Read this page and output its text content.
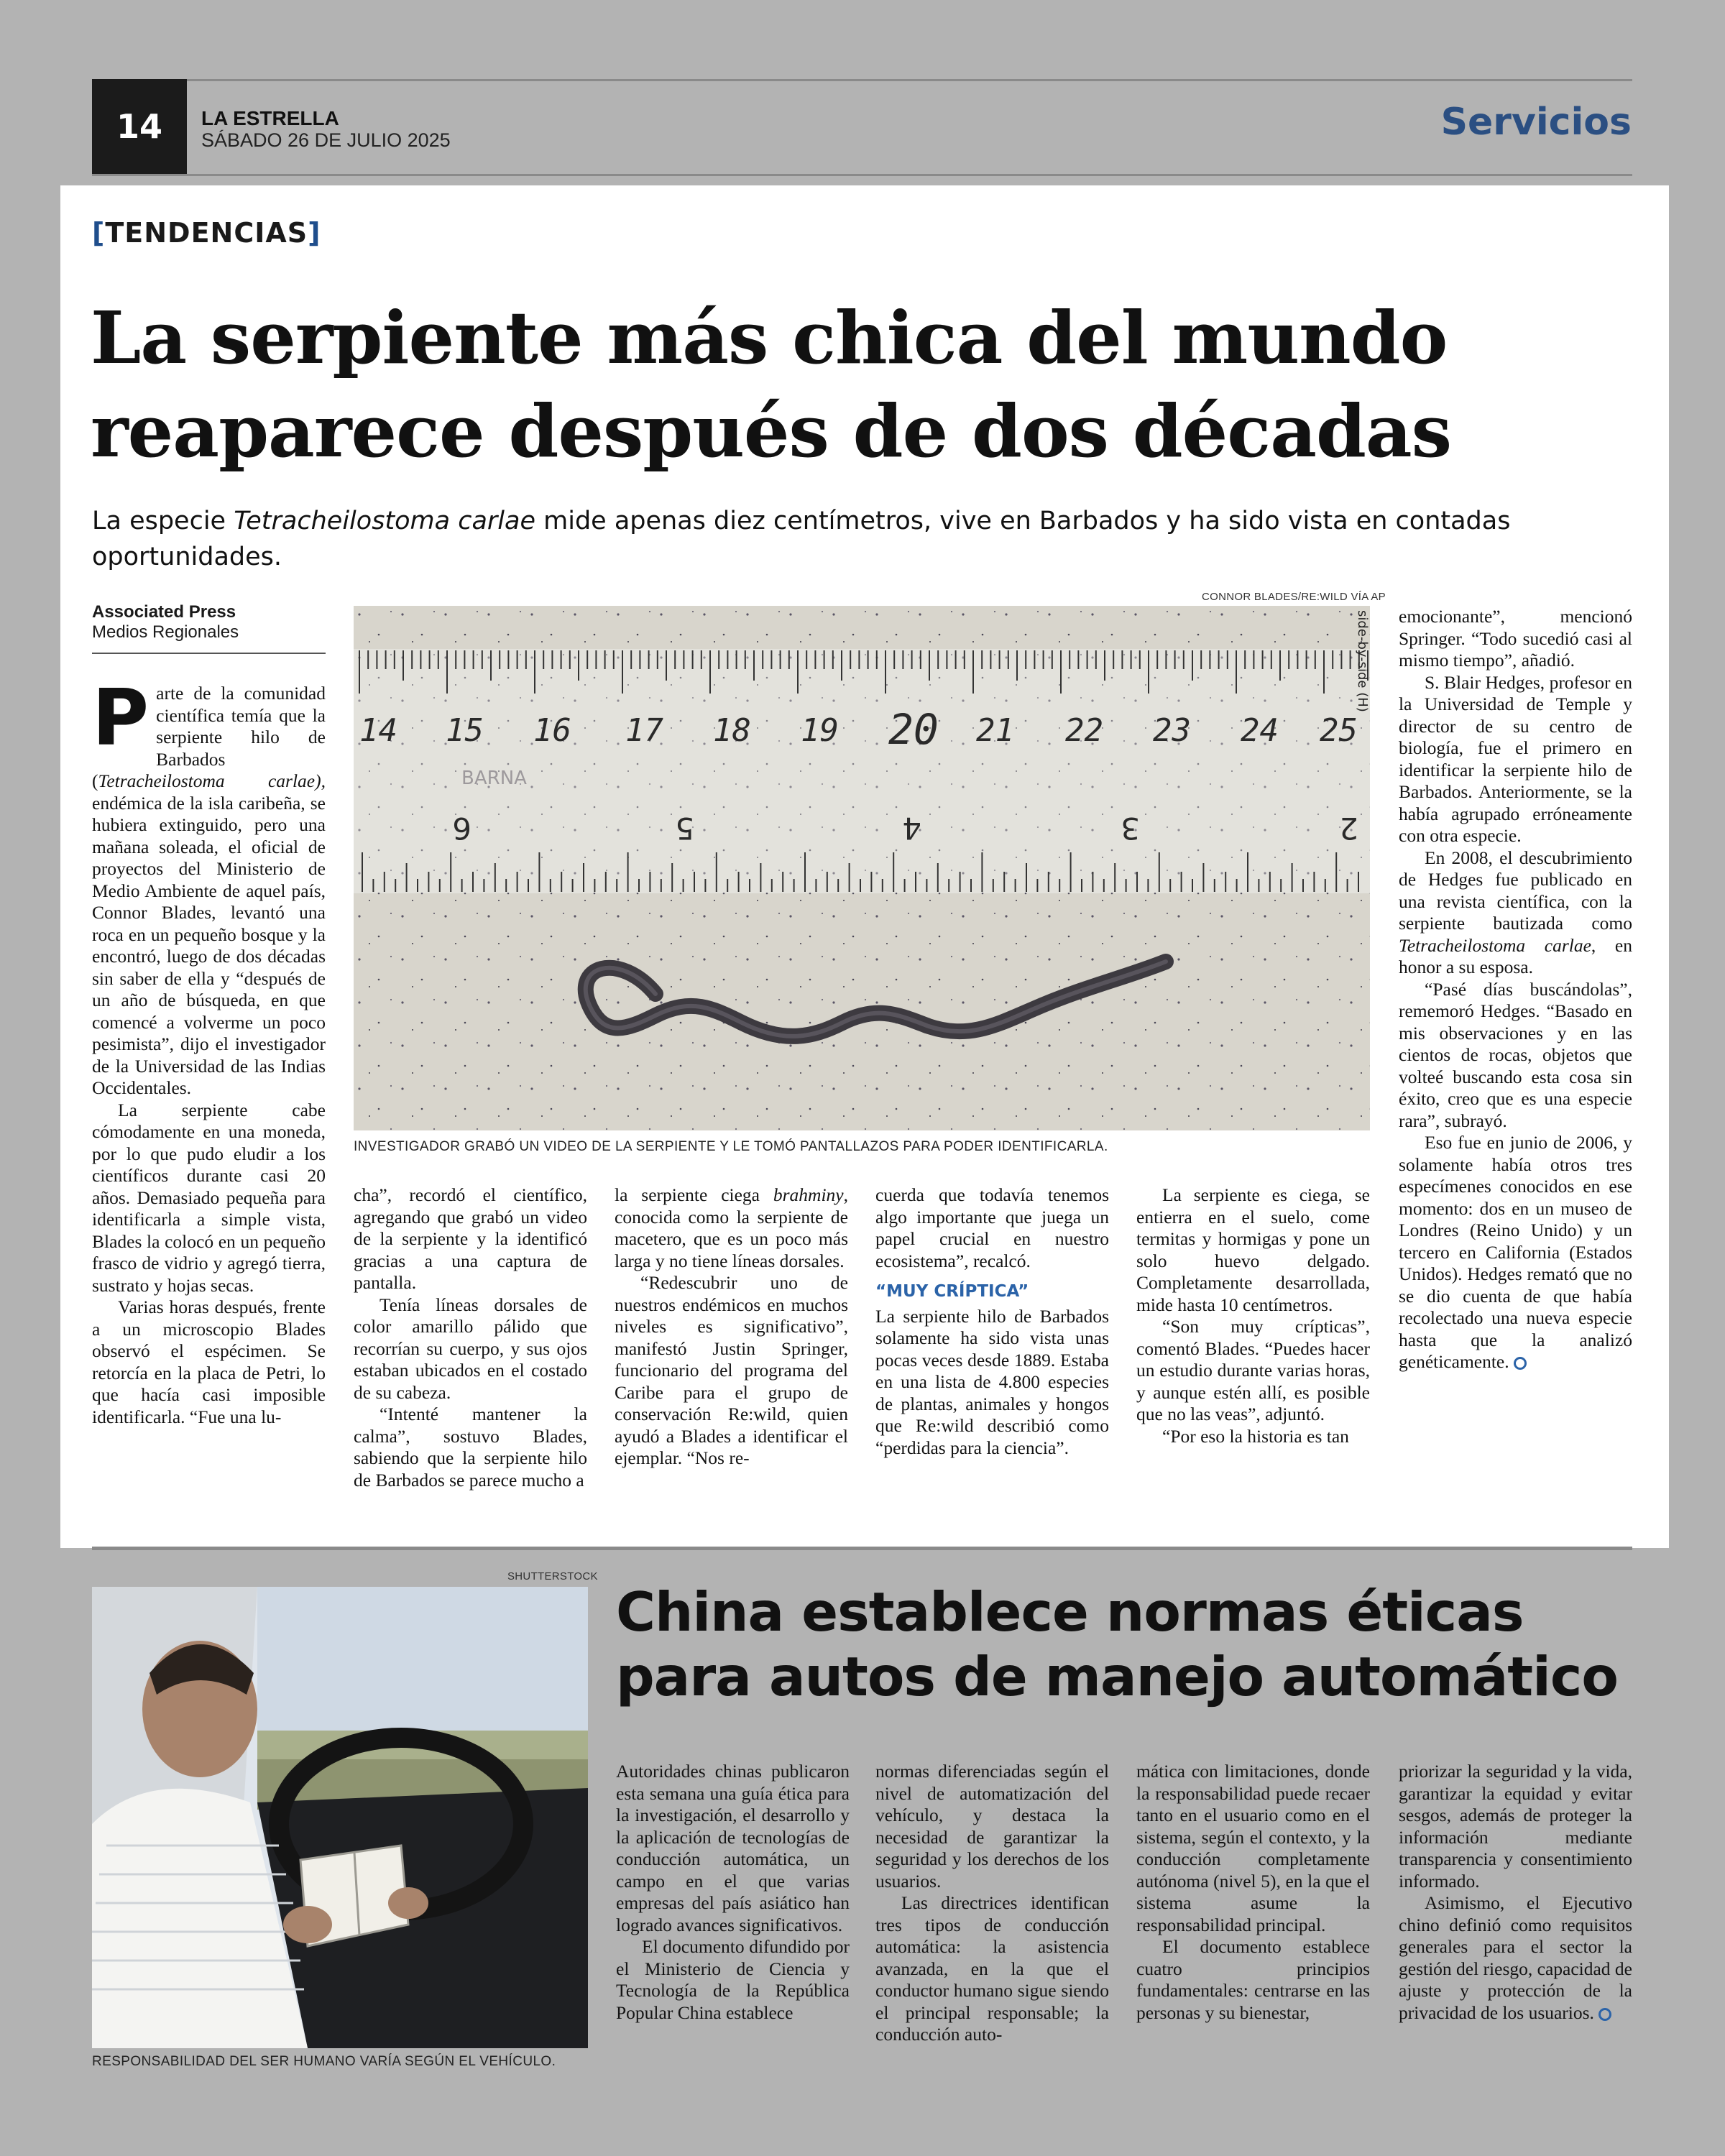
14	LA ESTRELLA
SÁBADO 26 DE JULIO 2025	Servicios
[TENDENCIAS]
La serpiente más chica del mundo
reaparece después de dos décadas
La especie Tetracheilostoma carlae mide apenas diez centímetros, vive en Barbados y ha sido vista en contadas oportunidades.
Associated Press
Medios Regionales
CONNOR BLADES/RE:WILD VÍA AP
14 15 16 17 18 19 20 21 22 23 24 25
6	5	4	3	2
BARNA
side-by-side (H)
INVESTIGADOR GRABÓ UN VIDEO DE LA SERPIENTE Y LE TOMÓ PANTALLAZOS PARA PODER IDENTIFICARLA.

Parte de la comunidad científica temía que la serpiente hilo de Barbados (Tetracheilostoma carlae), endémica de la isla caribeña, se hubiera extinguido, pero una mañana soleada, el oficial de proyectos del Ministerio de Medio Ambiente de aquel país, Connor Blades, levantó una roca en un pequeño bosque y la encontró, luego de dos décadas sin saber de ella y “después de un año de búsqueda, en que comencé a volverme un poco pesimista”, dijo el investigador de la Universidad de las Indias Occidentales.

La serpiente cabe cómodamente en una moneda, por lo que pudo eludir a los científicos durante casi 20 años. Demasiado pequeña para identificarla a simple vista, Blades la colocó en un pequeño frasco de vidrio y agregó tierra, sustrato y hojas secas.

Varias horas después, frente a un microscopio Blades observó el espécimen. Se retorcía en la placa de Petri, lo que hacía casi imposible identificarla. “Fue una lu-

cha”, recordó el científico, agregando que grabó un video de la serpiente y la identificó gracias a una captura de pantalla.

Tenía líneas dorsales de color amarillo pálido que recorrían su cuerpo, y sus ojos estaban ubicados en el costado de su cabeza.

“Intenté mantener la calma”, sostuvo Blades, sabiendo que la serpiente hilo de Barbados se parece mucho a

la serpiente ciega brahminy, conocida como la serpiente de macetero, que es un poco más larga y no tiene líneas dorsales.

“Redescubrir uno de nuestros endémicos en muchos niveles es significativo”, manifestó Justin Springer, funcionario del programa del Caribe para el grupo de conservación Re:wild, quien ayudó a Blades a identificar el ejemplar. “Nos re-

cuerda que todavía tenemos algo importante que juega un papel crucial en nuestro ecosistema”, recalcó.

“MUY CRÍPTICA”

La serpiente hilo de Barbados solamente ha sido vista unas pocas veces desde 1889. Estaba en una lista de 4.800 especies de plantas, animales y hongos que Re:wild describió como “perdidas para la ciencia”.

La serpiente es ciega, se entierra en el suelo, come termitas y hormigas y pone un solo huevo delgado. Completamente desarrollada, mide hasta 10 centímetros.

“Son muy crípticas”, comentó Blades. “Puedes hacer un estudio durante varias horas, y aunque estén allí, es posible que no las veas”, adjuntó.

“Por eso la historia es tan

emocionante”, mencionó Springer. “Todo sucedió casi al mismo tiempo”, añadió.

S. Blair Hedges, profesor en la Universidad de Temple y director de su centro de biología, fue el primero en identificar la serpiente hilo de Barbados. Anteriormente, se la había agrupado erróneamente con otra especie.

En 2008, el descubrimiento de Hedges fue publicado en una revista científica, con la serpiente bautizada como Tetracheilostoma carlae, en honor a su esposa.

“Pasé días buscándolas”, rememoró Hedges. “Basado en mis observaciones y en las cientos de rocas, objetos que volteé buscando esta cosa sin éxito, creo que es una especie rara”, subrayó.

Eso fue en junio de 2006, y solamente había otros tres especímenes conocidos en ese momento: dos en un museo de Londres (Reino Unido) y un tercero en California (Estados Unidos). Hedges remató que no se dio cuenta de que había recolectado una nueva especie hasta que la analizó genéticamente.

SHUTTERSTOCK
RESPONSABILIDAD DEL SER HUMANO VARÍA SEGÚN EL VEHÍCULO.
China establece normas éticas
para autos de manejo automático

Autoridades chinas publicaron esta semana una guía ética para la investigación, el desarrollo y la aplicación de tecnologías de conducción automática, un campo en el que varias empresas del país asiático han logrado avances significativos.

El documento difundido por el Ministerio de Ciencia y Tecnología de la República Popular China establece

normas diferenciadas según el nivel de automatización del vehículo, y destaca la necesidad de garantizar la seguridad y los derechos de los usuarios.

Las directrices identifican tres tipos de conducción automática: la asistencia avanzada, en la que el conductor humano sigue siendo el principal responsable; la conducción auto-

mática con limitaciones, donde la responsabilidad puede recaer tanto en el usuario como en el sistema, según el contexto, y la conducción completamente autónoma (nivel 5), en la que el sistema asume la responsabilidad principal.

El documento establece cuatro principios fundamentales: centrarse en las personas y su bienestar,

priorizar la seguridad y la vida, garantizar la equidad y evitar sesgos, además de proteger la información mediante transparencia y consentimiento informado.

Asimismo, el Ejecutivo chino definió como requisitos generales para el sector la gestión del riesgo, capacidad de ajuste y protección de la privacidad de los usuarios.
